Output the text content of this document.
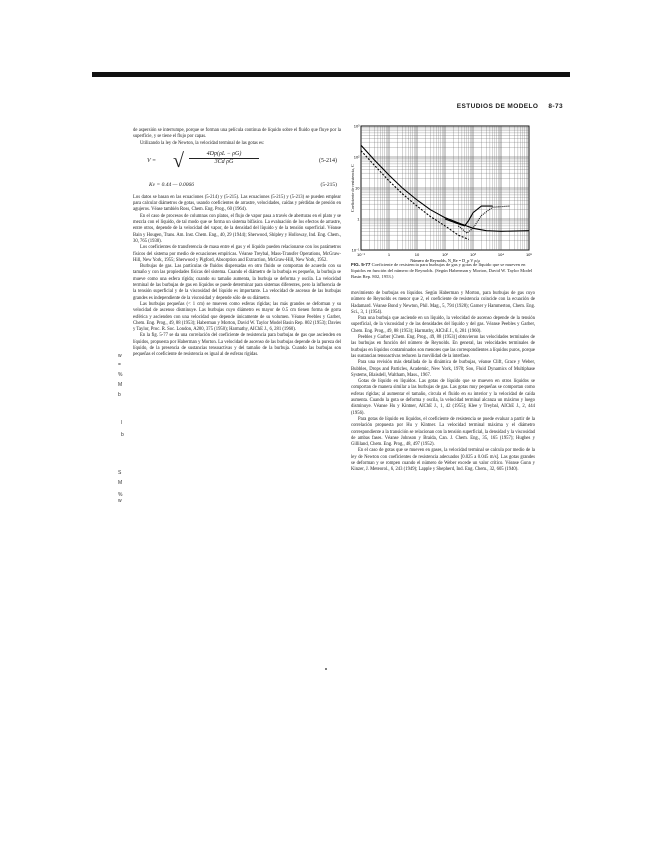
ESTUDIOS DE MODELO 8-73

de aspersión se interrumpe, porque se forman una película continua de líquido sobre el fluido que fluye por la superficie, y se tiene el flujo por capas.

Utilizando la ley de Newton, la velocidad terminal de las gotas es:

V = √ $\frac{4Dp(\rho L - \rho G)}{\text{3Cd ρG}}$	(5-214)
Kv = 0.44 — 0.0066	(5-215)

Los datos se basan en las ecuaciones (5-214) y (5-215). Las ecuaciones (5-215) y (5-213) se pueden emplear para calcular diámetros de gotas, usando coeficientes de arrastre, velocidades, caídas y pérdidas de presión en agujeros. Véase también Ross, Chem. Eng. Prog., 60 (1964).

En el caso de procesos de columnas con platos, el flujo de vapor pasa a través de aberturas en el plato y se mezcla con el líquido, de tal modo que se forma un sistema bifásico. La evaluación de los efectos de arrastre, entre otros, depende de la velocidad del vapor, de la densidad del líquido y de la tensión superficial. Véanse Bain y Hougen, Trans. Am. Inst. Chem. Eng., 40, 29 (1944); Sherwood, Shipley y Holloway, Ind. Eng. Chem., 30, 765 (1938).

Los coeficientes de transferencia de masa entre el gas y el líquido pueden relacionarse con los parámetros físicos del sistema por medio de ecuaciones empíricas. Véanse Treybal, Mass-Transfer Operations, McGraw-Hill, New York, 1955; Sherwood y Pigford, Absorption and Extraction, McGraw-Hill, New York, 1952.

Burbujas de gas. Las partículas de fluidos dispersadas en otro fluido se comportan de acuerdo con su tamaño y con las propiedades físicas del sistema. Cuando el diámetro de la burbuja es pequeño, la burbuja se mueve como una esfera rígida; cuando su tamaño aumenta, la burbuja se deforma y oscila. La velocidad terminal de las burbujas de gas en líquidos se puede determinar para sistemas diferentes, pero la influencia de la tensión superficial y de la viscosidad del líquido es importante. La velocidad de ascenso de las burbujas grandes es independiente de la viscosidad y depende sólo de su diámetro.

Las burbujas pequeñas (< 1 cm) se mueven como esferas rígidas; las más grandes se deforman y su velocidad de ascenso disminuye. Las burbujas cuyo diámetro es mayor de 0.5 cm tienen forma de gorra esférica y ascienden con una velocidad que depende únicamente de su volumen. Véanse Peebles y Garber, Chem. Eng. Prog., 49, 88 (1953); Haberman y Morton, David W. Taylor Model Basin Rep. 802 (1953); Davies y Taylor, Proc. R. Soc. London, A200, 375 (1950); Harmathy, AIChE J., 6, 281 (1960).

En la fig. 5-77 se da una correlación del coeficiente de resistencia para burbujas de gas que ascienden en líquidos, propuesta por Haberman y Morton. La velocidad de ascenso de las burbujas depende de la pureza del líquido, de la presencia de sustancias tensoactivas y del tamaño de la burbuja. Cuando las burbujas son pequeñas el coeficiente de resistencia es igual al de esferas rígidas.

10⁻¹	1	10	10²	10³	10⁴	10⁵
10⁻¹
1
10
10²
10³
Número de Reynolds, N_Re = D_p V ρ/μ
Coeficiente de resistencia, C
FIG. 5-77 Coeficiente de resistencia para burbujas de gas y gotas de líquido que se mueven en líquidos en función del número de Reynolds. (Según Haberman y Morton, David W. Taylor Model Basin Rep. 802, 1953.)

movimiento de burbujas en líquidos. Según Haberman y Morton, para burbujas de gas cuyo número de Reynolds es menor que 2, el coeficiente de resistencia coincide con la ecuación de Hadamard. Véanse Bond y Newton, Phil. Mag., 5, 794 (1928); Garner y Hammerton, Chem. Eng. Sci., 3, 1 (1954).

Para una burbuja que asciende en un líquido, la velocidad de ascenso depende de la tensión superficial, de la viscosidad y de las densidades del líquido y del gas. Véanse Peebles y Garber, Chem. Eng. Prog., 49, 88 (1953); Harmathy, AIChE J., 6, 281 (1960).

Peebles y Garber [Chem. Eng. Prog., 49, 88 (1953)] obtuvieron las velocidades terminales de las burbujas en función del número de Reynolds. En general, las velocidades terminales de burbujas en líquidos contaminados son menores que las correspondientes a líquidos puros, porque las sustancias tensoactivas reducen la movilidad de la interfase.

Para una revisión más detallada de la dinámica de burbujas, véanse Clift, Grace y Weber, Bubbles, Drops and Particles, Academic, New York, 1978; Soo, Fluid Dynamics of Multiphase Systems, Blaisdell, Waltham, Mass., 1967.

Gotas de líquido en líquidos. Las gotas de líquido que se mueven en otros líquidos se comportan de manera similar a las burbujas de gas. Las gotas muy pequeñas se comportan como esferas rígidas; al aumentar el tamaño, circula el fluido en su interior y la velocidad de caída aumenta. Cuando la gota se deforma y oscila, la velocidad terminal alcanza un máximo y luego disminuye. Véanse Hu y Kintner, AIChE J., 1, 42 (1955); Klee y Treybal, AIChE J., 2, 444 (1956).

Para gotas de líquido en líquidos, el coeficiente de resistencia se puede evaluar a partir de la correlación propuesta por Hu y Kintner. La velocidad terminal máxima y el diámetro correspondiente a la transición se relacionan con la tensión superficial, la densidad y la viscosidad de ambas fases. Véanse Johnson y Braida, Can. J. Chem. Eng., 35, 165 (1957); Hughes y Gilliland, Chem. Eng. Prog., 48, 497 (1952).

En el caso de gotas que se mueven en gases, la velocidad terminal se calcula por medio de la ley de Newton con coeficientes de resistencia adecuados [0.025 a 0.045 m/s]. Las gotas grandes se deforman y se rompen cuando el número de Weber excede un valor crítico. Véanse Gunn y Kinzer, J. Meteorol., 6, 243 (1949); Lapple y Shepherd, Ind. Eng. Chem., 32, 605 (1940).

w
=
%
M
b
l
b
S
M
%
w
